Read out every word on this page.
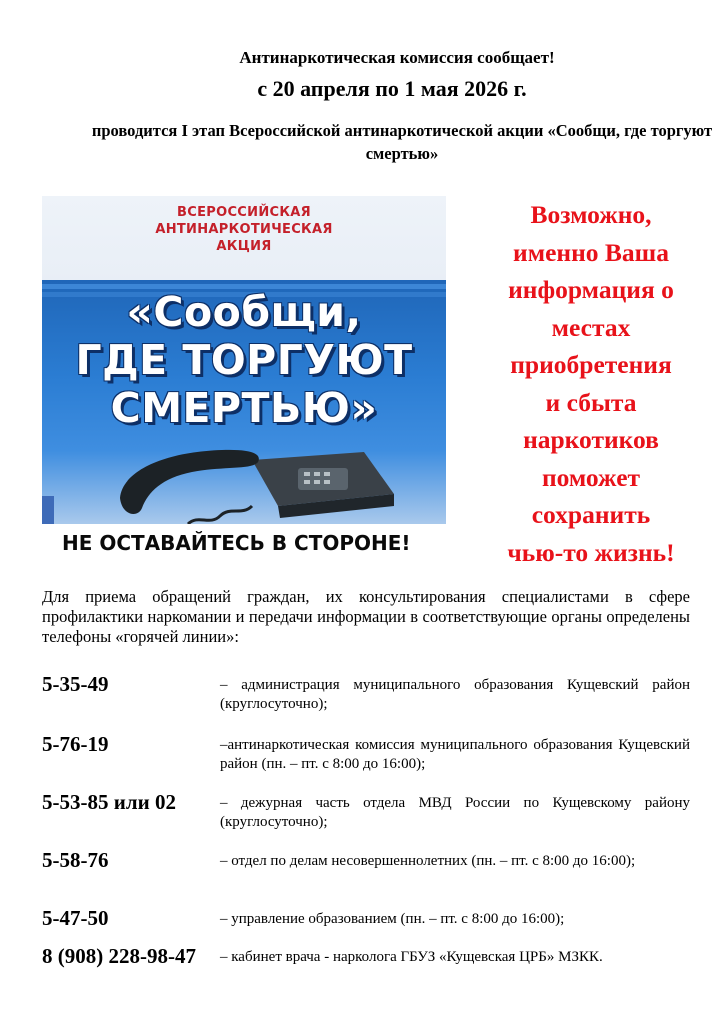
Антинаркотическая комиссия сообщает!
с 20 апреля по 1 мая 2026 г.
проводится I этап Всероссийской антинаркотической акции «Сообщи, где торгуют смертью»
ВСЕРОССИЙСКАЯ
АНТИНАРКОТИЧЕСКАЯ
АКЦИЯ
«Сообщи,
ГДЕ ТОРГУЮТ
СМЕРТЬЮ»
НЕ ОСТАВАЙТЕСЬ В СТОРОНЕ!
Возможно,
именно Ваша
информация о
местах
приобретения
и сбыта
наркотиков
поможет
сохранить
чью-то жизнь!
Для приема обращений граждан, их консультирования специалистами в сфере профилактики наркомании и передачи информации в соответствующие органы определены телефоны «горячей линии»:
5-35-49	– администрация муниципального образования Кущевский район (круглосуточно);
5-76-19	–антинаркотическая комиссия муниципального образования Кущевский район (пн. – пт. с 8:00 до 16:00);
5-53-85 или 02	– дежурная часть отдела МВД России по Кущевскому району (круглосуточно);
5-58-76	– отдел по делам несовершеннолетних (пн. – пт. с 8:00 до 16:00);
5-47-50	– управление образованием (пн. – пт. с 8:00 до 16:00);
8 (908) 228-98-47 – кабинет врача - нарколога ГБУЗ «Кущевская ЦРБ» МЗКК.
